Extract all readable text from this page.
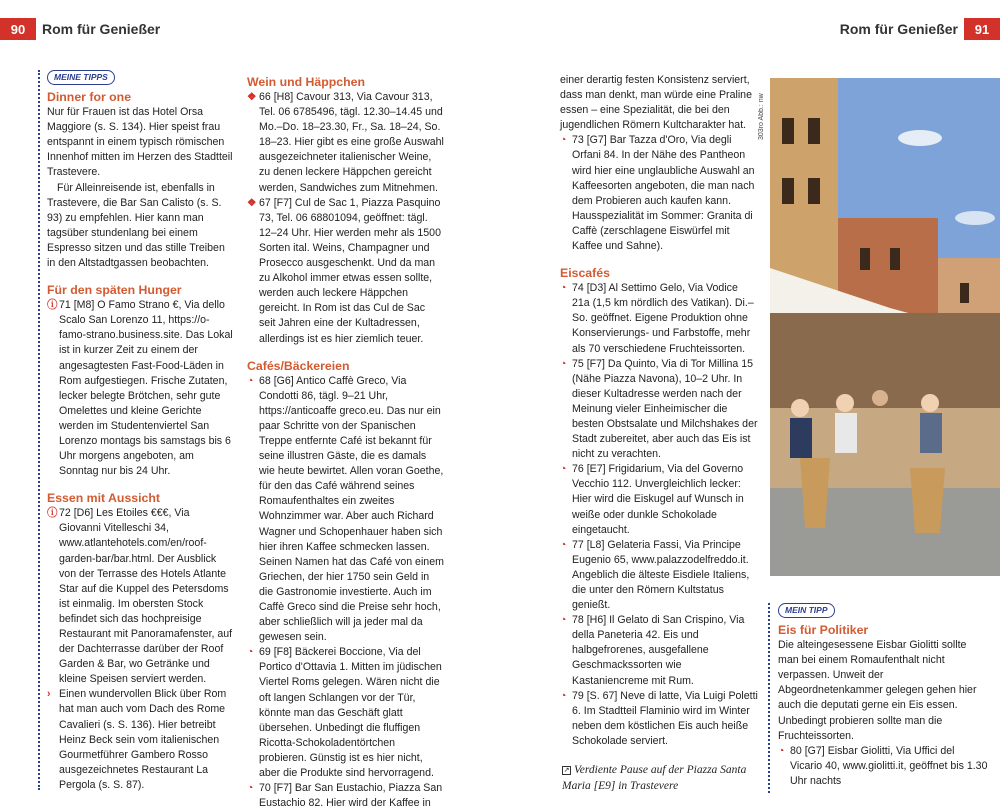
90	Rom für Genießer	Rom für Genießer	91
MEINE TIPPS
Dinner for one
Nur für Frauen ist das Hotel Orsa Maggiore (s. S. 134). Hier speist frau entspannt in einem typisch römischen Innenhof mitten im Herzen des Stadtteil Trastevere.
Für Alleinreisende ist, ebenfalls in Trastevere, die Bar San Calisto (s. S. 93) zu empfehlen. Hier kann man tagsüber stundenlang bei einem Espresso sitzen und das stille Treiben in den Altstadtgassen beobachten.
Für den späten Hunger
ⓘ 71 [M8] O Famo Strano €, Via dello Scalo San Lorenzo 11, https://o-famo-strano.business.site. Das Lokal ist in kurzer Zeit zu einem der angesagtesten Fast-Food-Läden in Rom aufgestiegen. Frische Zutaten, lecker belegte Brötchen, sehr gute Omelettes und kleine Gerichte werden im Studentenviertel San Lorenzo montags bis samstags bis 6 Uhr morgens angeboten, am Sonntag nur bis 24 Uhr.
Essen mit Aussicht
ⓘ 72 [D6] Les Etoiles €€€, Via Giovanni Vitelleschi 34, www.atlantehotels.com/en/roof-garden-bar/bar.html. Der Ausblick von der Terrasse des Hotels Atlante Star auf die Kuppel des Petersdoms ist einmalig. Im obersten Stock befindet sich das hochpreisige Restaurant mit Panoramafenster, auf der Dachterrasse darüber der Roof Garden & Bar, wo Getränke und kleine Speisen serviert werden.
› Einen wundervollen Blick über Rom hat man auch vom Dach des Rome Cavalieri (s. S. 136). Hier betreibt Heinz Beck sein vom italienischen Gourmetführer Gambero Rosso ausgezeichnetes Restaurant La Pergola (s. S. 87).
Wein und Häppchen
❖ 66 [H8] Cavour 313, Via Cavour 313, Tel. 06 6785496, tägl. 12.30–14.45 und Mo.–Do. 18–23.30, Fr., Sa. 18–24, So. 18–23. Hier gibt es eine große Auswahl ausgezeichneter italienischer Weine, zu denen leckere Häppchen gereicht werden, Sandwiches zum Mitnehmen.
❖ 67 [F7] Cul de Sac 1, Piazza Pasquino 73, Tel. 06 68801094, geöffnet: tägl. 12–24 Uhr. Hier werden mehr als 1500 Sorten ital. Weins, Champagner und Prosecco ausgeschenkt. Und da man zu Alkohol immer etwas essen sollte, werden auch leckere Häppchen gereicht. In Rom ist das Cul de Sac seit Jahren eine der Kultadressen, allerdings ist es hier ziemlich teuer.
Cafés/Bäckereien
◔ 68 [G6] Antico Caffè Greco, Via Condotti 86, tägl. 9–21 Uhr, https://anticoaffe greco.eu. Das nur ein paar Schritte von der Spanischen Treppe entfernte Café ist bekannt für seine illustren Gäste, die es damals wie heute bewirtet. Allen voran Goethe, für den das Café während seines Romaufenthaltes ein zweites Wohnzimmer war. Aber auch Richard Wagner und Schopenhauer haben sich hier ihren Kaffee schmecken lassen. Seinen Namen hat das Café von einem Griechen, der hier 1750 sein Geld in die Gastronomie investierte. Auch im Caffè Greco sind die Preise sehr hoch, aber schließlich will ja jeder mal da gewesen sein.
◔ 69 [F8] Bäckerei Boccione, Via del Portico d'Ottavia 1. Mitten im jüdischen Viertel Roms gelegen. Wären nicht die oft langen Schlangen vor der Tür, könnte man das Geschäft glatt übersehen. Unbedingt die fluffigen Ricotta-Schokoladentörtchen probieren. Günstig ist es hier nicht, aber die Produkte sind hervorragend.
◔ 70 [F7] Bar San Eustachio, Piazza San Eustachio 82. Hier wird der Kaffee in
einer derartig festen Konsistenz serviert, dass man denkt, man würde eine Praline essen – eine Spezialität, die bei den jugendlichen Römern Kultcharakter hat.
◔ 73 [G7] Bar Tazza d'Oro, Via degli Orfani 84. In der Nähe des Pantheon wird hier eine unglaubliche Auswahl an Kaffeesorten angeboten, die man nach dem Probieren auch kaufen kann. Hausspezialität im Sommer: Granita di Caffè (zerschlagene Eiswürfel mit Kaffee und Sahne).
Eiscafés
◔ 74 [D3] Al Settimo Gelo, Via Vodice 21a (1,5 km nördlich des Vatikan). Di.–So. geöffnet. Eigene Produktion ohne Konservierungs- und Farbstoffe, mehr als 70 verschiedene Fruchteissorten.
◔ 75 [F7] Da Quinto, Via di Tor Millina 15 (Nähe Piazza Navona), 10–2 Uhr. In dieser Kultadresse werden nach der Meinung vieler Einheimischer die besten Obstsalate und Milchshakes der Stadt zubereitet, aber auch das Eis ist nicht zu verachten.
◔ 76 [E7] Frigidarium, Via del Governo Vecchio 112. Unvergleichlich lecker: Hier wird die Eiskugel auf Wunsch in weiße oder dunkle Schokolade eingetaucht.
◔ 77 [L8] Gelateria Fassi, Via Principe Eugenio 65, www.palazzodelfreddo.it. Angeblich die älteste Eisdiele Italiens, die unter den Römern Kultstatus genießt.
◔ 78 [H6] Il Gelato di San Crispino, Via della Paneteria 42. Eis und halbgefrorenes, ausgefallene Geschmackssorten wie Kastaniencreme mit Rum.
◔ 79 [S. 67] Neve di latte, Via Luigi Poletti 6. Im Stadtteil Flaminio wird im Winter neben dem köstlichen Eis auch heiße Schokolade serviert.
MEIN TIPP
Eis für Politiker
Die alteingesessene Eisbar Giolitti sollte man bei einem Romaufenthalt nicht verpassen. Unweit der Abgeordnetenkammer gelegen gehen hier auch die deputati gerne ein Eis essen. Unbedingt probieren sollte man die Fruchteissorten.
◔ 80 [G7] Eisbar Giolitti, Via Uffici del Vicario 40, www.giolitti.it, geöffnet bis 1.30 Uhr nachts
303ro Abb.: nw
↗ Verdiente Pause auf der Piazza Santa Maria [E9] in Trastevere
